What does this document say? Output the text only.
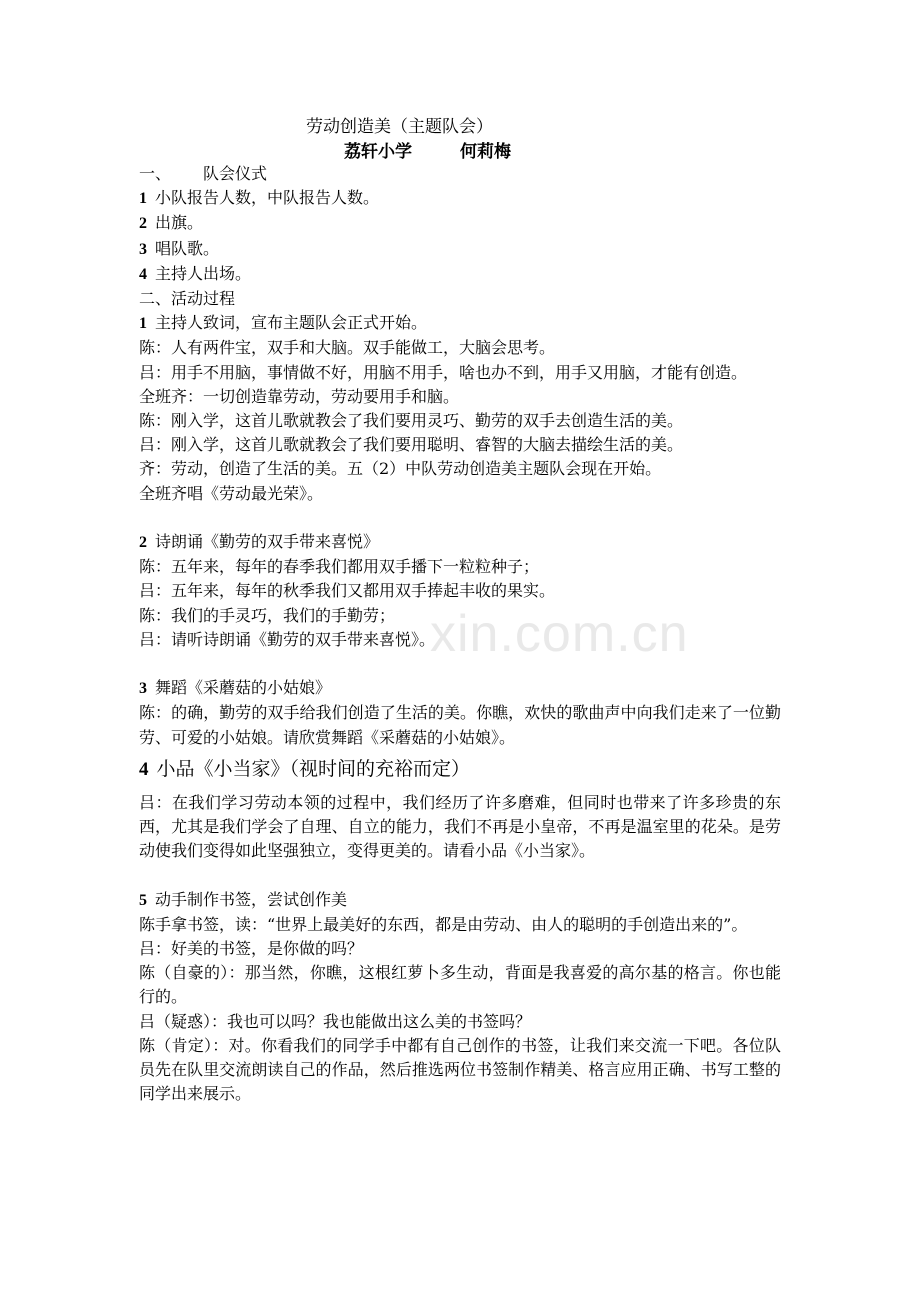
劳动创造美（主题队会）
荔轩小学	何莉梅
xin.com.cn
一、 队会仪式
1 小队报告人数，中队报告人数。
2 出旗。
3 唱队歌。
4 主持人出场。
二、活动过程
1 主持人致词，宣布主题队会正式开始。
陈：人有两件宝，双手和大脑。双手能做工，大脑会思考。
吕：用手不用脑，事情做不好，用脑不用手，啥也办不到，用手又用脑，才能有创造。
全班齐：一切创造靠劳动，劳动要用手和脑。
陈：刚入学，这首儿歌就教会了我们要用灵巧、勤劳的双手去创造生活的美。
吕：刚入学，这首儿歌就教会了我们要用聪明、睿智的大脑去描绘生活的美。
齐：劳动，创造了生活的美。五（2）中队劳动创造美主题队会现在开始。
全班齐唱《劳动最光荣》。
2 诗朗诵《勤劳的双手带来喜悦》
陈：五年来，每年的春季我们都用双手播下一粒粒种子；
吕：五年来，每年的秋季我们又都用双手捧起丰收的果实。
陈：我们的手灵巧，我们的手勤劳；
吕：请听诗朗诵《勤劳的双手带来喜悦》。
3 舞蹈《采蘑菇的小姑娘》
陈：的确，勤劳的双手给我们创造了生活的美。你瞧，欢快的歌曲声中向我们走来了一位勤劳、可爱的小姑娘。请欣赏舞蹈《采蘑菇的小姑娘》。
4 小品《小当家》（视时间的充裕而定）
吕：在我们学习劳动本领的过程中，我们经历了许多磨难，但同时也带来了许多珍贵的东西，尤其是我们学会了自理、自立的能力，我们不再是小皇帝，不再是温室里的花朵。是劳动使我们变得如此坚强独立，变得更美的。请看小品《小当家》。
5 动手制作书签，尝试创作美
陈手拿书签，读：“世界上最美好的东西，都是由劳动、由人的聪明的手创造出来的”。
吕：好美的书签，是你做的吗？
陈（自豪的）：那当然，你瞧，这根红萝卜多生动，背面是我喜爱的高尔基的格言。你也能行的。
吕（疑惑）：我也可以吗？我也能做出这么美的书签吗？
陈（肯定）：对。你看我们的同学手中都有自己创作的书签，让我们来交流一下吧。各位队员先在队里交流朗读自己的作品，然后推选两位书签制作精美、格言应用正确、书写工整的同学出来展示。
